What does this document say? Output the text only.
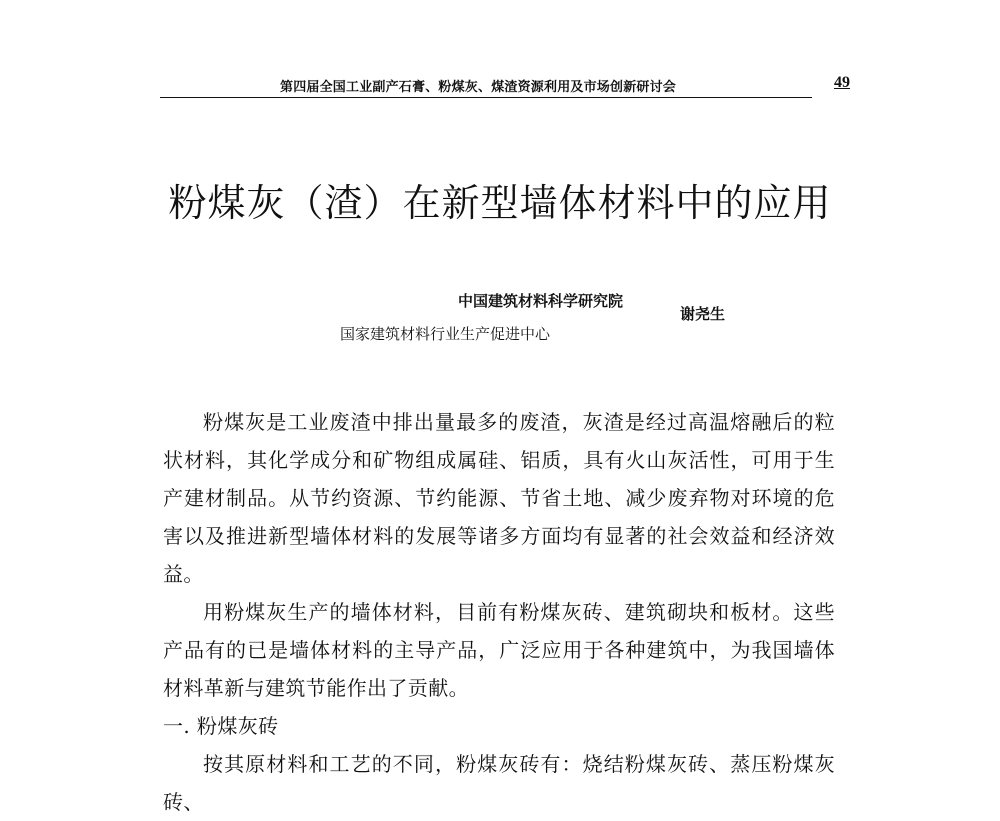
第四届全国工业副产石膏、粉煤灰、煤渣资源利用及市场创新研讨会	49
粉煤灰（渣）在新型墙体材料中的应用
中国建筑材料科学研究院
国家建筑材料行业生产促进中心
谢尧生

粉煤灰是工业废渣中排出量最多的废渣，灰渣是经过高温熔融后的粒状材料，其化学成分和矿物组成属硅、铝质，具有火山灰活性，可用于生产建材制品。从节约资源、节约能源、节省土地、减少废弃物对环境的危害以及推进新型墙体材料的发展等诸多方面均有显著的社会效益和经济效益。

用粉煤灰生产的墙体材料，目前有粉煤灰砖、建筑砌块和板材。这些产品有的已是墙体材料的主导产品，广泛应用于各种建筑中，为我国墙体材料革新与建筑节能作出了贡献。

一. 粉煤灰砖

按其原材料和工艺的不同，粉煤灰砖有：烧结粉煤灰砖、蒸压粉煤灰砖、
